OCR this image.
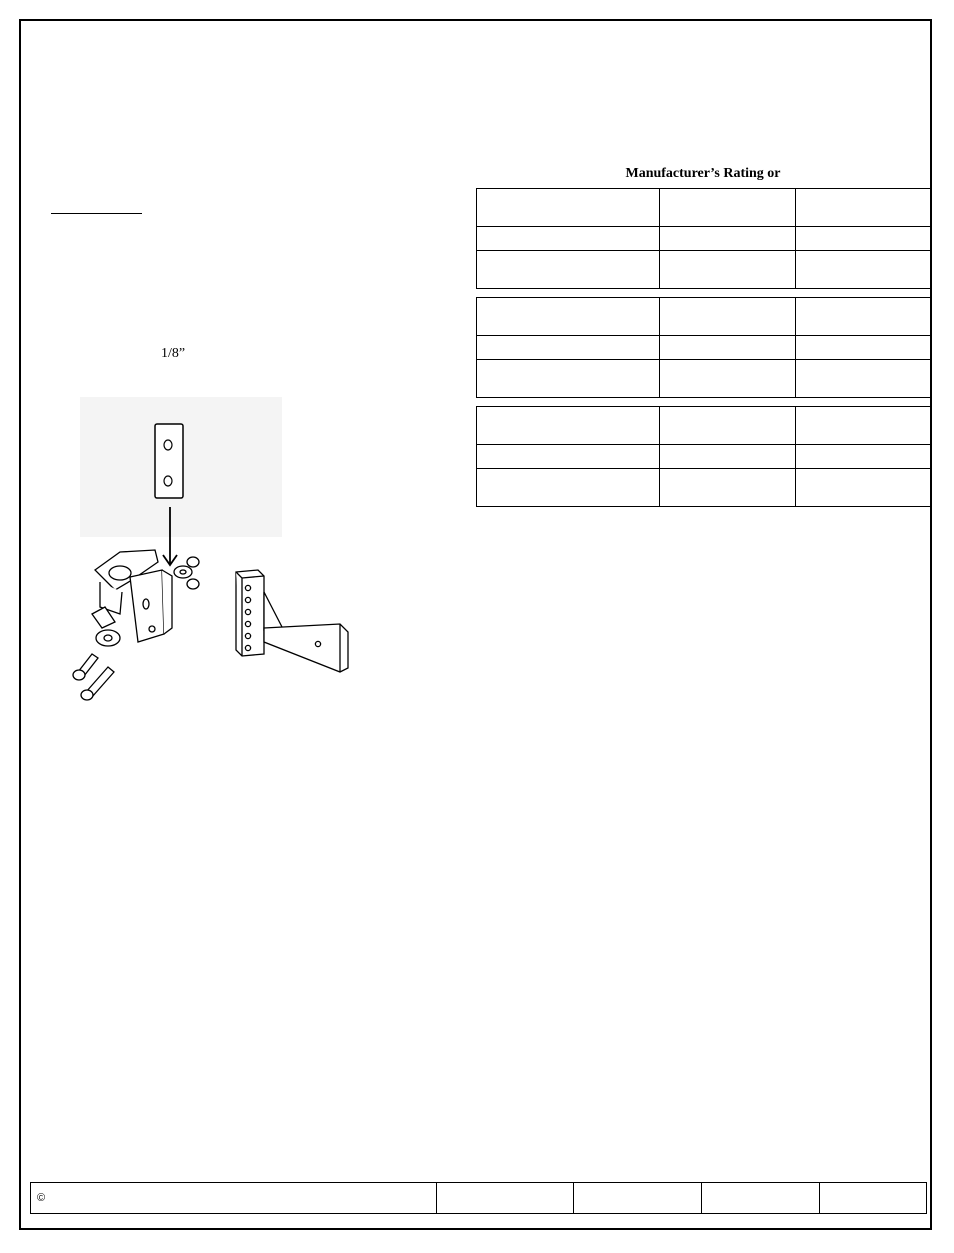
Manufacturer’s Rating or

1/8”
©				
